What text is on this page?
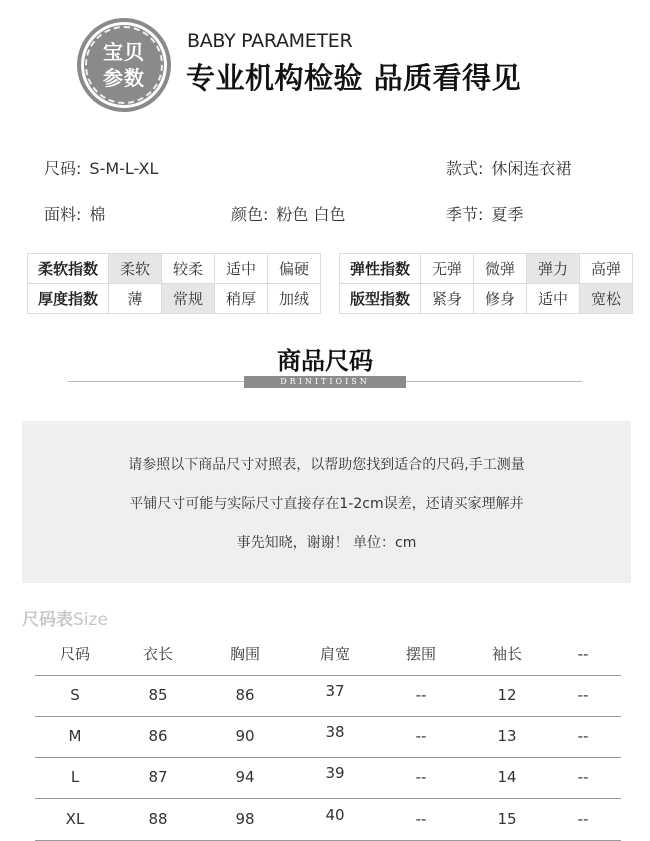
宝贝
参数
BABY PARAMETER
专业机构检验 品质看得见
尺码: S-M-L-XL	款式: 休闲连衣裙
面料: 棉	颜色: 粉色 白色	季节: 夏季
柔软指数	柔软	较柔	适中	偏硬
厚度指数	薄	常规	稍厚	加绒
弹性指数	无弹	微弹	弹力	高弹
版型指数	紧身	修身	适中	宽松
商品尺码
DRINITIOISN

请参照以下商品尺寸对照表，以帮助您找到适合的尺码,手工测量

平铺尺寸可能与实际尺寸直接存在1-2cm误差，还请买家理解并

事先知晓，谢谢！ 单位：cm

尺码表Size
尺码	衣长	胸围	肩宽	摆围	袖长	--
S	85	86	37	--	12	--
M	86	90	38	--	13	--
L	87	94	39	--	14	--
XL	88	98	40	--	15	--
